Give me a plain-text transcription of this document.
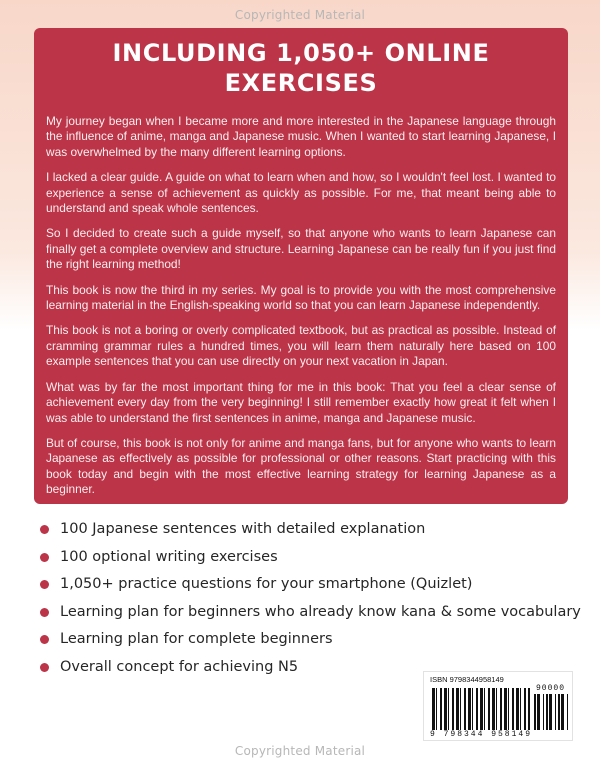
Copyrighted Material
INCLUDING 1,050+ ONLINE EXERCISES

My journey began when I became more and more interested in the Japanese language through the influence of anime, manga and Japanese music. When I wanted to start learning Japanese, I was overwhelmed by the many different learning options.

I lacked a clear guide. A guide on what to learn when and how, so I wouldn't feel lost. I wanted to experience a sense of achievement as quickly as possible. For me, that meant being able to understand and speak whole sentences.

So I decided to create such a guide myself, so that anyone who wants to learn Japanese can finally get a complete overview and structure. Learning Japanese can be really fun if you just find the right learning method!

This book is now the third in my series. My goal is to provide you with the most comprehensive learning material in the English-speaking world so that you can learn Japanese independently.

This book is not a boring or overly complicated textbook, but as practical as possible. Instead of cramming grammar rules a hundred times, you will learn them naturally here based on 100 example sentences that you can use directly on your next vacation in Japan.

What was by far the most important thing for me in this book: That you feel a clear sense of achievement every day from the very beginning! I still remember exactly how great it felt when I was able to understand the first sentences in anime, manga and Japanese music.

But of course, this book is not only for anime and manga fans, but for anyone who wants to learn Japanese as effectively as possible for professional or other reasons. Start practicing with this book today and begin with the most effective learning strategy for learning Japanese as a beginner.

100 Japanese sentences with detailed explanation
100 optional writing exercises
1,050+ practice questions for your smartphone (Quizlet)
Learning plan for beginners who already know kana & some vocabulary
Learning plan for complete beginners
Overall concept for achieving N5
ISBN 9798344958149
90000
9 798344 958149
Copyrighted Material
